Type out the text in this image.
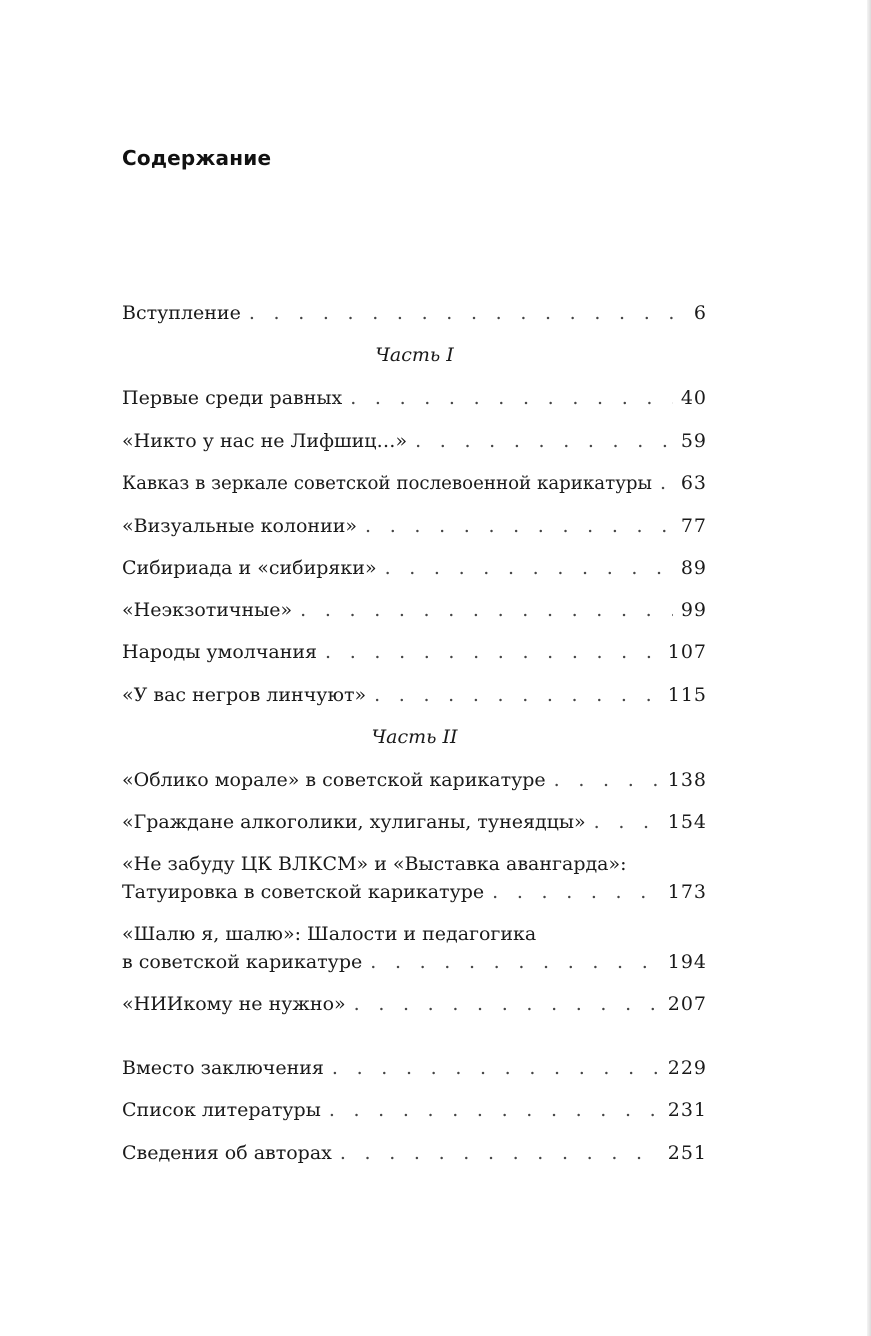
Содержание
Вступление . . .	6
Часть I
Первые среди равных . . .	40
«Никто у нас не Лифшиц…» . . .	59
Кавказ в зеркале советской послевоенной карикатуры . . .	63
«Визуальные колонии» . . .	77
Сибириада и «сибиряки» . . .	89
«Неэкзотичные» . . .	99
Народы умолчания . . .	107
«У вас негров линчуют» . . .	115
Часть II
«Облико морале» в советской карикатуре . . .	138
«Граждане алкоголики, хулиганы, тунеядцы» . . .	154
«Не забуду ЦК ВЛКСМ» и «Выставка авангарда»:
Татуировка в советской карикатуре . . .	173
«Шалю я, шалю»: Шалости и педагогика
в советской карикатуре . . .	194
«НИИкому не нужно» . . .	207
Вместо заключения . . .	229
Список литературы . . .	231
Сведения об авторах . . .	251
